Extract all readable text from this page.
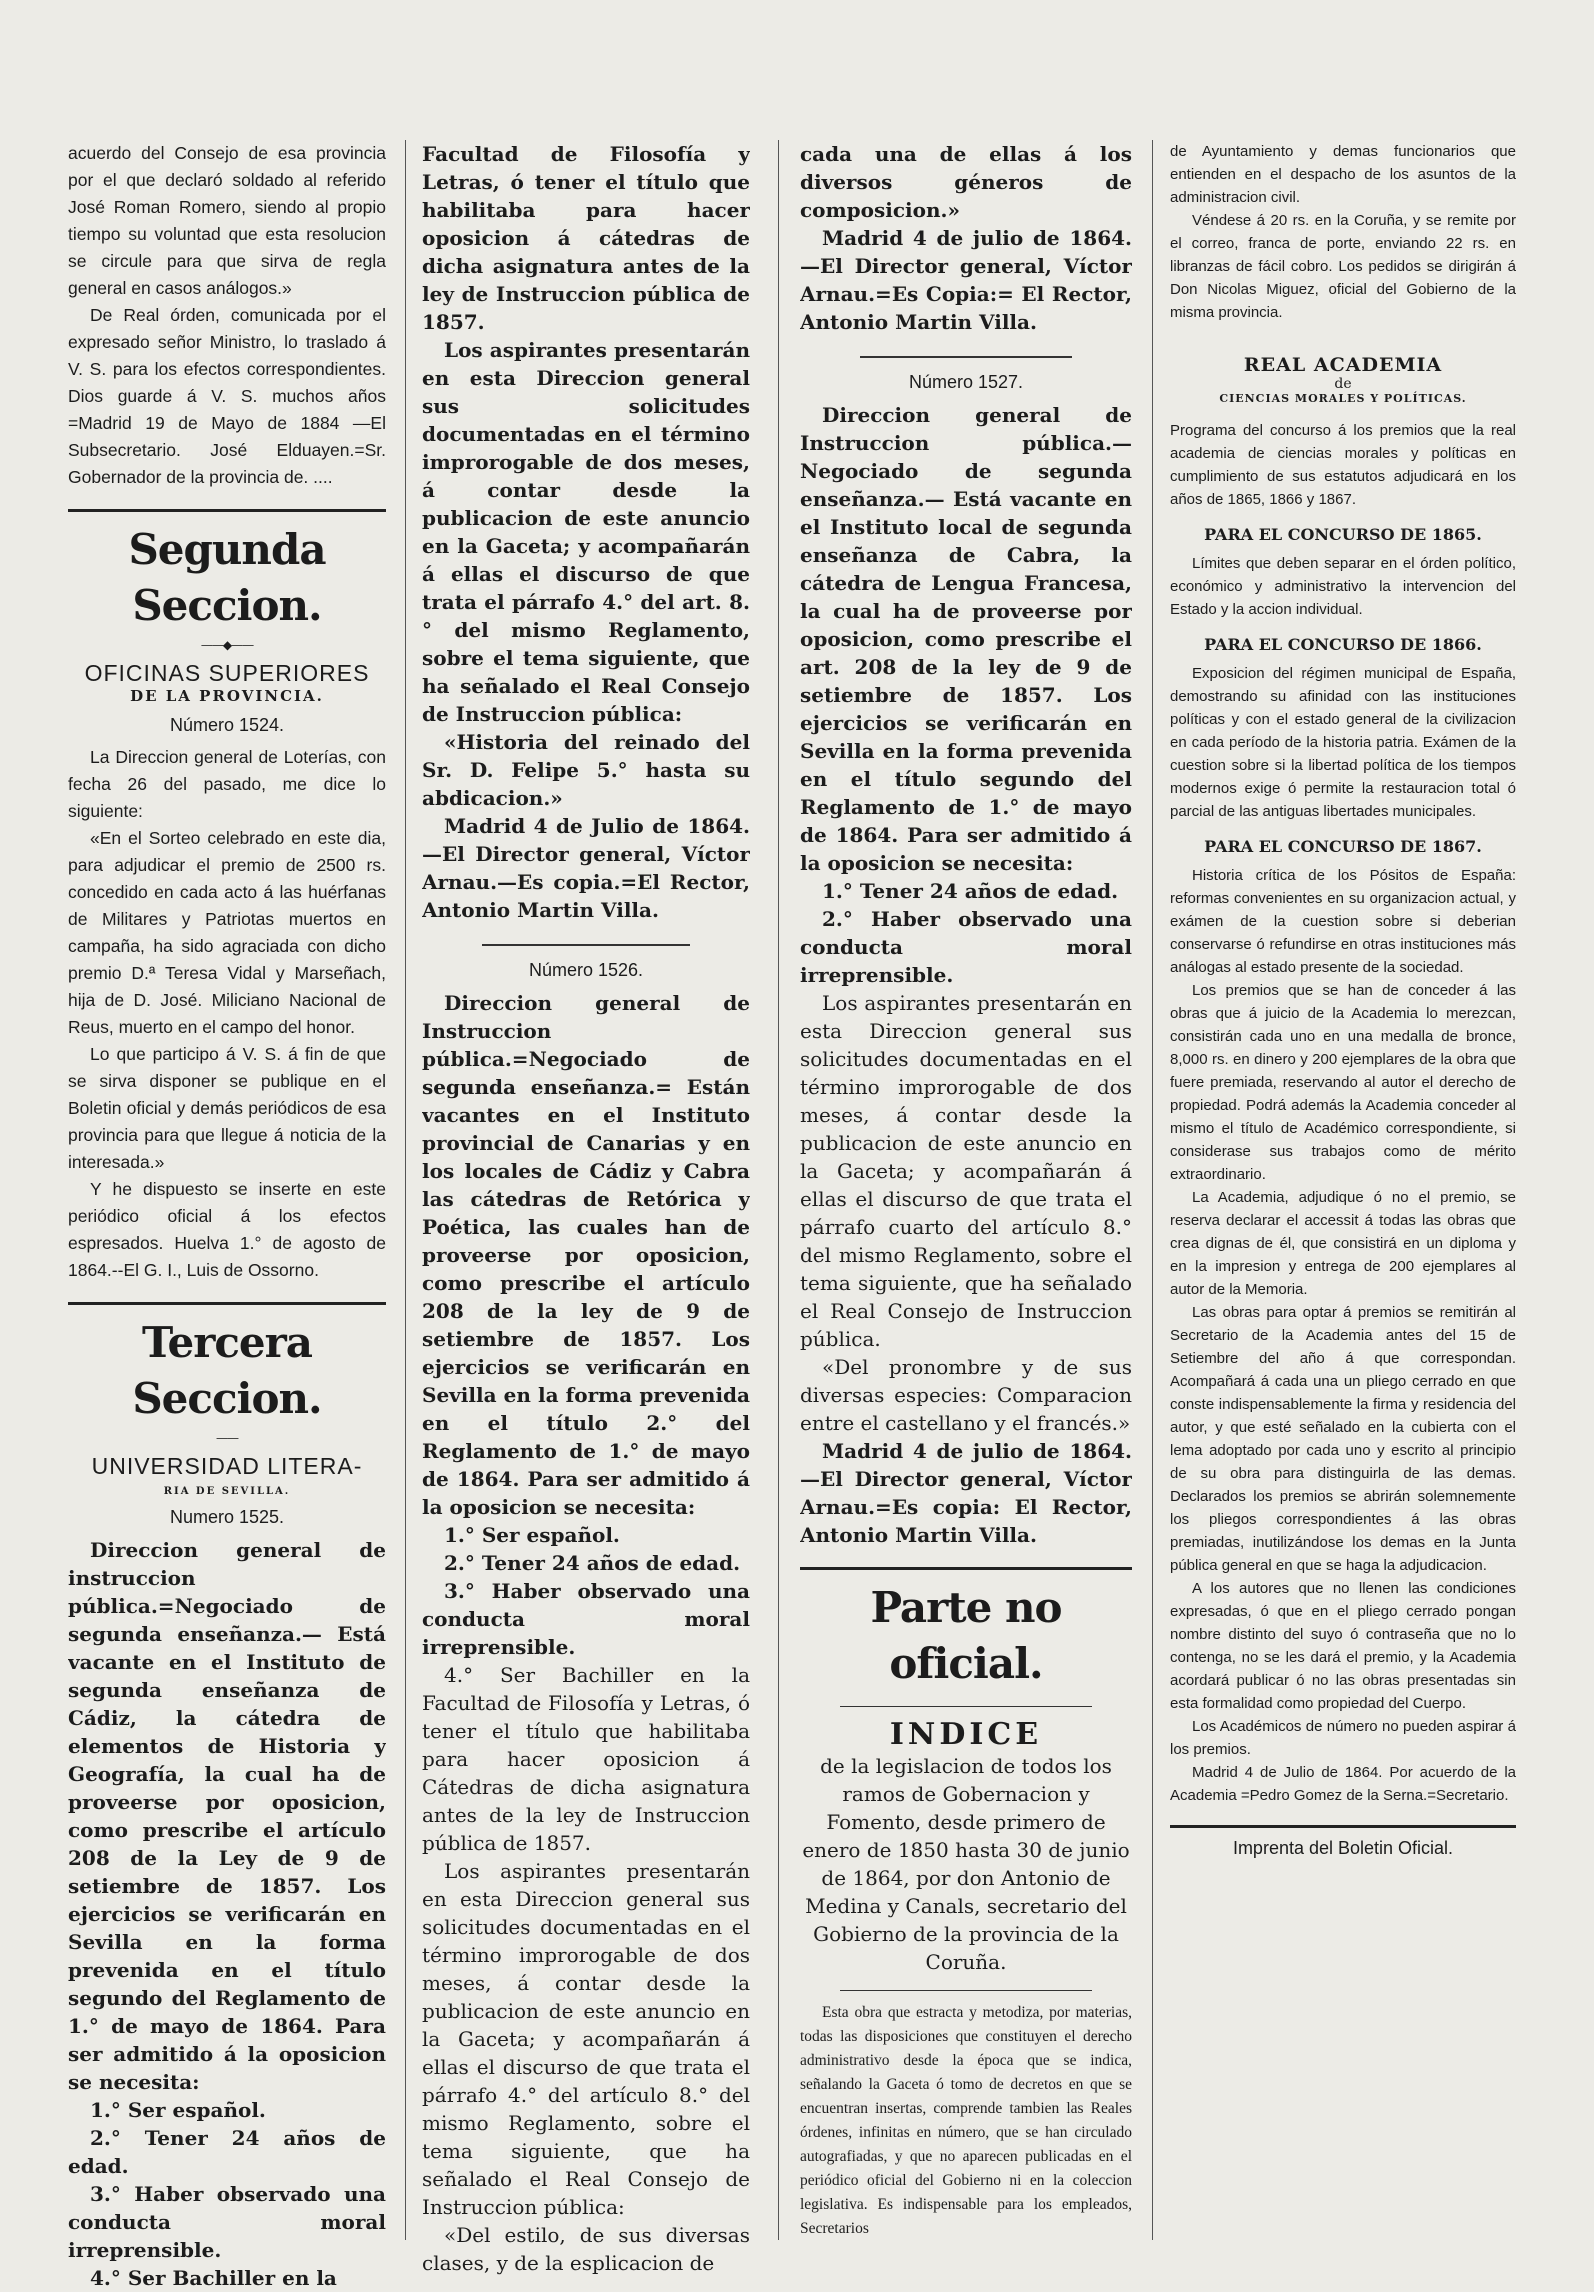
acuerdo del Consejo de esa provincia por el que declaró soldado al referido José Roman Romero, siendo al propio tiempo su voluntad que esta resolucion se circule para que sirva de regla general en casos análogos.»

De Real órden, comunicada por el expresado señor Ministro, lo traslado á V. S. para los efectos correspondientes. Dios guarde á V. S. muchos años =Madrid 19 de Mayo de 1884 —El Subsecretario. José Elduayen.=Sr. Gobernador de la provincia de. ....

Segunda Seccion.
——◆——
OFICINAS SUPERIORES
DE LA PROVINCIA.
Número 1524.

La Direccion general de Loterías, con fecha 26 del pasado, me dice lo siguiente:

«En el Sorteo celebrado en este dia, para adjudicar el premio de 2500 rs. concedido en cada acto á las huérfanas de Militares y Patriotas muertos en campaña, ha sido agraciada con dicho premio D.ª Teresa Vidal y Marseñach, hija de D. José. Miliciano Nacional de Reus, muerto en el campo del honor.

Lo que participo á V. S. á fin de que se sirva disponer se publique en el Boletin oficial y demás periódicos de esa provincia para que llegue á noticia de la interesada.»

Y he dispuesto se inserte en este periódico oficial á los efectos espresados. Huelva 1.° de agosto de 1864.--El G. I., Luis de Ossorno.

Tercera Seccion.
——
UNIVERSIDAD LITERA-
RIA DE SEVILLA.
Numero 1525.

Direccion general de instruccion pública.=Negociado de segunda enseñanza.— Está vacante en el Instituto de segunda enseñanza de Cádiz, la cátedra de elementos de Historia y Geografía, la cual ha de proveerse por oposicion, como prescribe el artículo 208 de la Ley de 9 de setiembre de 1857. Los ejercicios se verificarán en Sevilla en la forma prevenida en el título segundo del Reglamento de 1.° de mayo de 1864. Para ser admitido á la oposicion se necesita:

1.° Ser español.

2.° Tener 24 años de edad.

3.° Haber observado una conducta moral irreprensible.

4.° Ser Bachiller en la

Facultad de Filosofía y Letras, ó tener el título que habilitaba para hacer oposicion á cátedras de dicha asignatura antes de la ley de Instruccion pública de 1857.

Los aspirantes presentarán en esta Direccion general sus solicitudes documentadas en el término improrogable de dos meses, á contar desde la publicacion de este anuncio en la Gaceta; y acompañarán á ellas el discurso de que trata el párrafo 4.° del art. 8.° del mismo Reglamento, sobre el tema siguiente, que ha señalado el Real Consejo de Instruccion pública:

«Historia del reinado del Sr. D. Felipe 5.° hasta su abdicacion.»

Madrid 4 de Julio de 1864.—El Director general, Víctor Arnau.—Es copia.=El Rector, Antonio Martin Villa.

Número 1526.

Direccion general de Instruccion pública.=Negociado de segunda enseñanza.= Están vacantes en el Instituto provincial de Canarias y en los locales de Cádiz y Cabra las cátedras de Retórica y Poética, las cuales han de proveerse por oposicion, como prescribe el artículo 208 de la ley de 9 de setiembre de 1857. Los ejercicios se verificarán en Sevilla en la forma prevenida en el título 2.° del Reglamento de 1.° de mayo de 1864. Para ser admitido á la oposicion se necesita:

1.° Ser español.

2.° Tener 24 años de edad.

3.° Haber observado una conducta moral irreprensible.

4.° Ser Bachiller en la Facultad de Filosofía y Letras, ó tener el título que habilitaba para hacer oposicion á Cátedras de dicha asignatura antes de la ley de Instruccion pública de 1857.

Los aspirantes presentarán en esta Direccion general sus solicitudes documentadas en el término improrogable de dos meses, á contar desde la publicacion de este anuncio en la Gaceta; y acompañarán á ellas el discurso de que trata el párrafo 4.° del artículo 8.° del mismo Reglamento, sobre el tema siguiente, que ha señalado el Real Consejo de Instruccion pública:

«Del estilo, de sus diversas clases, y de la esplicacion de

cada una de ellas á los diversos géneros de composicion.»

Madrid 4 de julio de 1864.—El Director general, Víctor Arnau.=Es Copia:= El Rector, Antonio Martin Villa.

Número 1527.

Direccion general de Instruccion pública.—Negociado de segunda enseñanza.— Está vacante en el Instituto local de segunda enseñanza de Cabra, la cátedra de Lengua Francesa, la cual ha de proveerse por oposicion, como prescribe el art. 208 de la ley de 9 de setiembre de 1857. Los ejercicios se verificarán en Sevilla en la forma prevenida en el título segundo del Reglamento de 1.° de mayo de 1864. Para ser admitido á la oposicion se necesita:

1.° Tener 24 años de edad.

2.° Haber observado una conducta moral irreprensible.

Los aspirantes presentarán en esta Direccion general sus solicitudes documentadas en el término improrogable de dos meses, á contar desde la publicacion de este anuncio en la Gaceta; y acompañarán á ellas el discurso de que trata el párrafo cuarto del artículo 8.° del mismo Reglamento, sobre el tema siguiente, que ha señalado el Real Consejo de Instruccion pública.

«Del pronombre y de sus diversas especies: Comparacion entre el castellano y el francés.»

Madrid 4 de julio de 1864.—El Director general, Víctor Arnau.=Es copia: El Rector, Antonio Martin Villa.

Parte no oficial.
INDICE

de la legislacion de todos los ramos de Gobernacion y Fomento, desde primero de enero de 1850 hasta 30 de junio de 1864, por don Antonio de Medina y Canals, secretario del Gobierno de la provincia de la Coruña.

Esta obra que estracta y metodiza, por materias, todas las disposiciones que constituyen el derecho administrativo desde la época que se indica, señalando la Gaceta ó tomo de decretos en que se encuentran insertas, comprende tambien las Reales órdenes, infinitas en número, que se han circulado autografiadas, y que no aparecen publicadas en el periódico oficial del Gobierno ni en la coleccion legislativa. Es indispensable para los empleados, Secretarios

de Ayuntamiento y demas funcionarios que entienden en el despacho de los asuntos de la administracion civil.

Véndese á 20 rs. en la Coruña, y se remite por el correo, franca de porte, enviando 22 rs. en libranzas de fácil cobro. Los pedidos se dirigirán á Don Nicolas Miguez, oficial del Gobierno de la misma provincia.

REAL ACADEMIA
de
CIENCIAS MORALES Y POLÍTICAS.

Programa del concurso á los premios que la real academia de ciencias morales y políticas en cumplimiento de sus estatutos adjudicará en los años de 1865, 1866 y 1867.

PARA EL CONCURSO DE 1865.

Límites que deben separar en el órden político, económico y administrativo la intervencion del Estado y la accion individual.

PARA EL CONCURSO DE 1866.

Exposicion del régimen municipal de España, demostrando su afinidad con las instituciones políticas y con el estado general de la civilizacion en cada período de la historia patria. Exámen de la cuestion sobre si la libertad política de los tiempos modernos exige ó permite la restauracion total ó parcial de las antiguas libertades municipales.

PARA EL CONCURSO DE 1867.

Historia crítica de los Pósitos de España: reformas convenientes en su organizacion actual, y exámen de la cuestion sobre si deberian conservarse ó refundirse en otras instituciones más análogas al estado presente de la sociedad.

Los premios que se han de conceder á las obras que á juicio de la Academia lo merezcan, consistirán cada uno en una medalla de bronce, 8,000 rs. en dinero y 200 ejemplares de la obra que fuere premiada, reservando al autor el derecho de propiedad. Podrá además la Academia conceder al mismo el título de Académico correspondiente, si considerase sus trabajos como de mérito extraordinario.

La Academia, adjudique ó no el premio, se reserva declarar el accessit á todas las obras que crea dignas de él, que consistirá en un diploma y en la impresion y entrega de 200 ejemplares al autor de la Memoria.

Las obras para optar á premios se remitirán al Secretario de la Academia antes del 15 de Setiembre del año á que correspondan. Acompañará á cada una un pliego cerrado en que conste indispensablemente la firma y residencia del autor, y que esté señalado en la cubierta con el lema adoptado por cada uno y escrito al principio de su obra para distinguirla de las demas. Declarados los premios se abrirán solemnemente los pliegos correspondientes á las obras premiadas, inutilizándose los demas en la Junta pública general en que se haga la adjudicacion.

A los autores que no llenen las condiciones expresadas, ó que en el pliego cerrado pongan nombre distinto del suyo ó contraseña que no lo contenga, no se les dará el premio, y la Academia acordará publicar ó no las obras presentadas sin esta formalidad como propiedad del Cuerpo.

Los Académicos de número no pueden aspirar á los premios.

Madrid 4 de Julio de 1864. Por acuerdo de la Academia =Pedro Gomez de la Serna.=Secretario.

Imprenta del Boletin Oficial.
